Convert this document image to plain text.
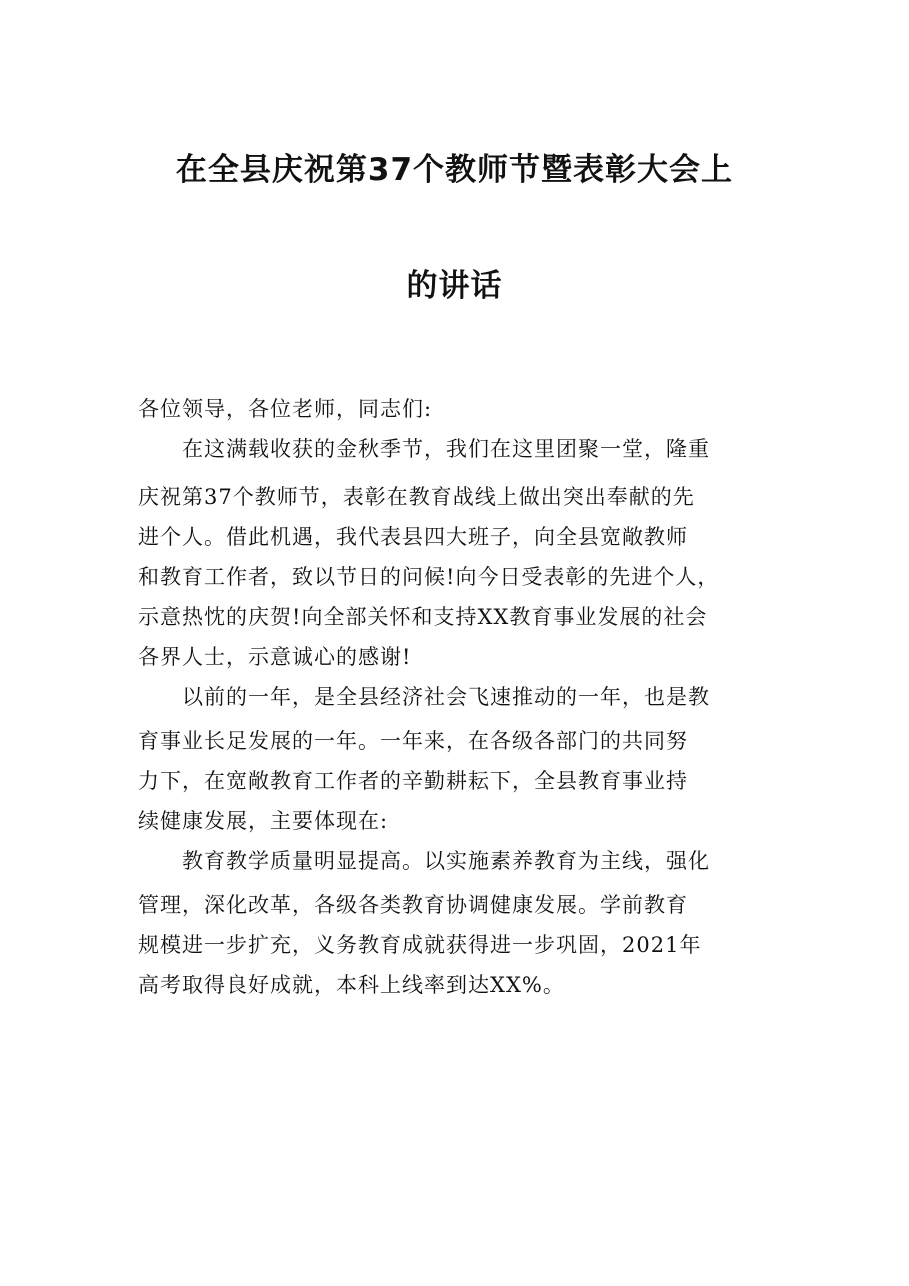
在全县庆祝第37个教师节暨表彰大会上
的讲话
各位领导，各位老师，同志们:
　　在这满载收获的金秋季节，我们在这里团聚一堂，隆重
庆祝第37个教师节，表彰在教育战线上做出突出奉献的先
进个人。借此机遇，我代表县四大班子，向全县宽敞教师
和教育工作者，致以节日的问候!向今日受表彰的先进个人，
示意热忱的庆贺!向全部关怀和支持XX教育事业发展的社会
各界人士，示意诚心的感谢!
　　以前的一年，是全县经济社会飞速推动的一年，也是教
育事业长足发展的一年。一年来，在各级各部门的共同努
力下，在宽敞教育工作者的辛勤耕耘下，全县教育事业持
续健康发展，主要体现在:
　　教育教学质量明显提高。以实施素养教育为主线，强化
管理，深化改革，各级各类教育协调健康发展。学前教育
规模进一步扩充，义务教育成就获得进一步巩固，2021年
高考取得良好成就，本科上线率到达XX%。
